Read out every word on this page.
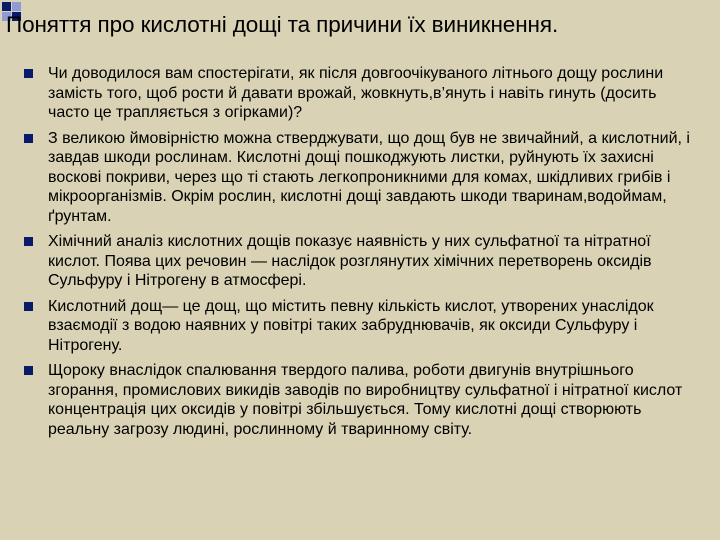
Поняття про кислотні дощі та причини їх виникнення.
Чи доводилося вам спостерігати, як після довгоочікуваного літнього дощу рослини замість того, щоб рости й давати врожай, жовкнуть,в’януть і навіть гинуть (досить часто це трапляється з огірками)?
З великою ймовірністю можна стверджувати, що дощ був не звичайний, а кислотний, і завдав шкоди рослинам. Кислотні дощі пошкоджують листки, руйнують їх захисні воскові покриви, через що ті стають легкопроникними для комах, шкідливих грибів і мікроорганізмів. Окрім рослин, кислотні дощі завдають шкоди тваринам,водоймам, ґрунтам.
Хімічний аналіз кислотних дощів показує наявність у них сульфатної та нітратної кислот. Поява цих речовин — наслідок розглянутих хімічних перетворень оксидів Сульфуру і Нітрогену в атмосфері.
Кислотний дощ— це дощ, що містить певну кількість кислот, утворених унаслідок взаємодії з водою наявних у повітрі таких забруднювачів, як оксиди Сульфуру і Нітрогену.
Щороку внаслідок спалювання твердого палива, роботи двигунів внутрішнього згорання, промислових викидів заводів по виробництву сульфатної і нітратної кислот концентрація цих оксидів у повітрі збільшується. Тому кислотні дощі створюють реальну загрозу людині, рослинному й тваринному світу.
